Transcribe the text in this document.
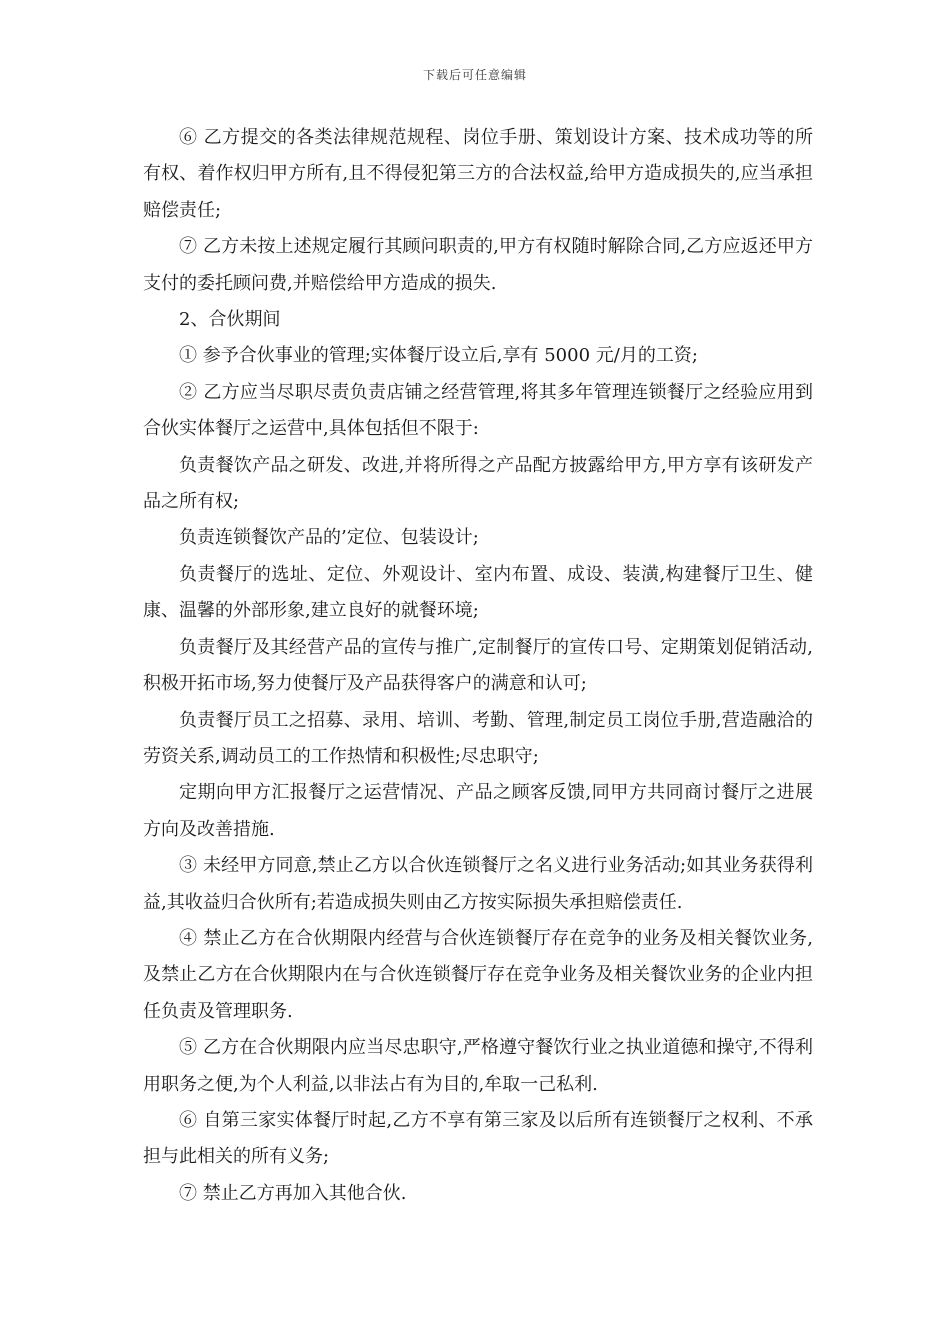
下载后可任意编辑

⑥ 乙方提交的各类法律规范规程、岗位手册、策划设计方案、技术成功等的所有权、着作权归甲方所有,且不得侵犯第三方的合法权益,给甲方造成损失的,应当承担赔偿责任;

⑦ 乙方未按上述规定履行其顾问职责的,甲方有权随时解除合同,乙方应返还甲方支付的委托顾问费,并赔偿给甲方造成的损失.

2、合伙期间

① 参予合伙事业的管理;实体餐厅设立后,享有 5000 元/月的工资;

② 乙方应当尽职尽责负责店铺之经营管理,将其多年管理连锁餐厅之经验应用到合伙实体餐厅之运营中,具体包括但不限于:

负责餐饮产品之研发、改进,并将所得之产品配方披露给甲方,甲方享有该研发产品之所有权;

负责连锁餐饮产品的’定位、包装设计;

负责餐厅的选址、定位、外观设计、室内布置、成设、装潢,构建餐厅卫生、健康、温馨的外部形象,建立良好的就餐环境;

负责餐厅及其经营产品的宣传与推广,定制餐厅的宣传口号、定期策划促销活动,积极开拓市场,努力使餐厅及产品获得客户的满意和认可;

负责餐厅员工之招募、录用、培训、考勤、管理,制定员工岗位手册,营造融洽的劳资关系,调动员工的工作热情和积极性;尽忠职守;

定期向甲方汇报餐厅之运营情况、产品之顾客反馈,同甲方共同商讨餐厅之进展方向及改善措施.

③ 未经甲方同意,禁止乙方以合伙连锁餐厅之名义进行业务活动;如其业务获得利益,其收益归合伙所有;若造成损失则由乙方按实际损失承担赔偿责任.

④ 禁止乙方在合伙期限内经营与合伙连锁餐厅存在竞争的业务及相关餐饮业务,及禁止乙方在合伙期限内在与合伙连锁餐厅存在竞争业务及相关餐饮业务的企业内担任负责及管理职务.

⑤ 乙方在合伙期限内应当尽忠职守,严格遵守餐饮行业之执业道德和操守,不得利用职务之便,为个人利益,以非法占有为目的,牟取一己私利.

⑥ 自第三家实体餐厅时起,乙方不享有第三家及以后所有连锁餐厅之权利、不承担与此相关的所有义务;

⑦ 禁止乙方再加入其他合伙.
